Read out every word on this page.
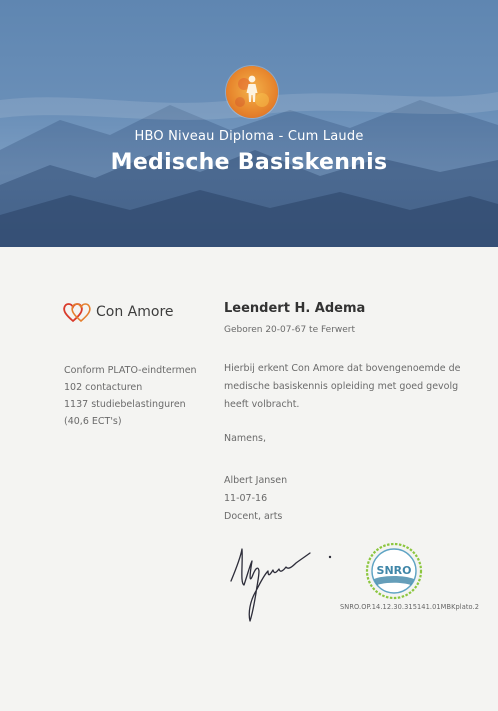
HBO Niveau Diploma - Cum Laude
Medische Basiskennis
Con Amore
Conform PLATO-eindtermen
102 contacturen
1137 studiebelastinguren
(40,6 ECT's)
Leendert H. Adema
Geboren 20-07-67 te Ferwert
Hierbij erkent Con Amore dat bovengenoemde de medische basiskennis opleiding met goed gevolg heeft volbracht.
Namens,
Albert Jansen
11-07-16
Docent, arts
SNRO
SNRO.OP.14.12.30.315141.01MBKplato.2
